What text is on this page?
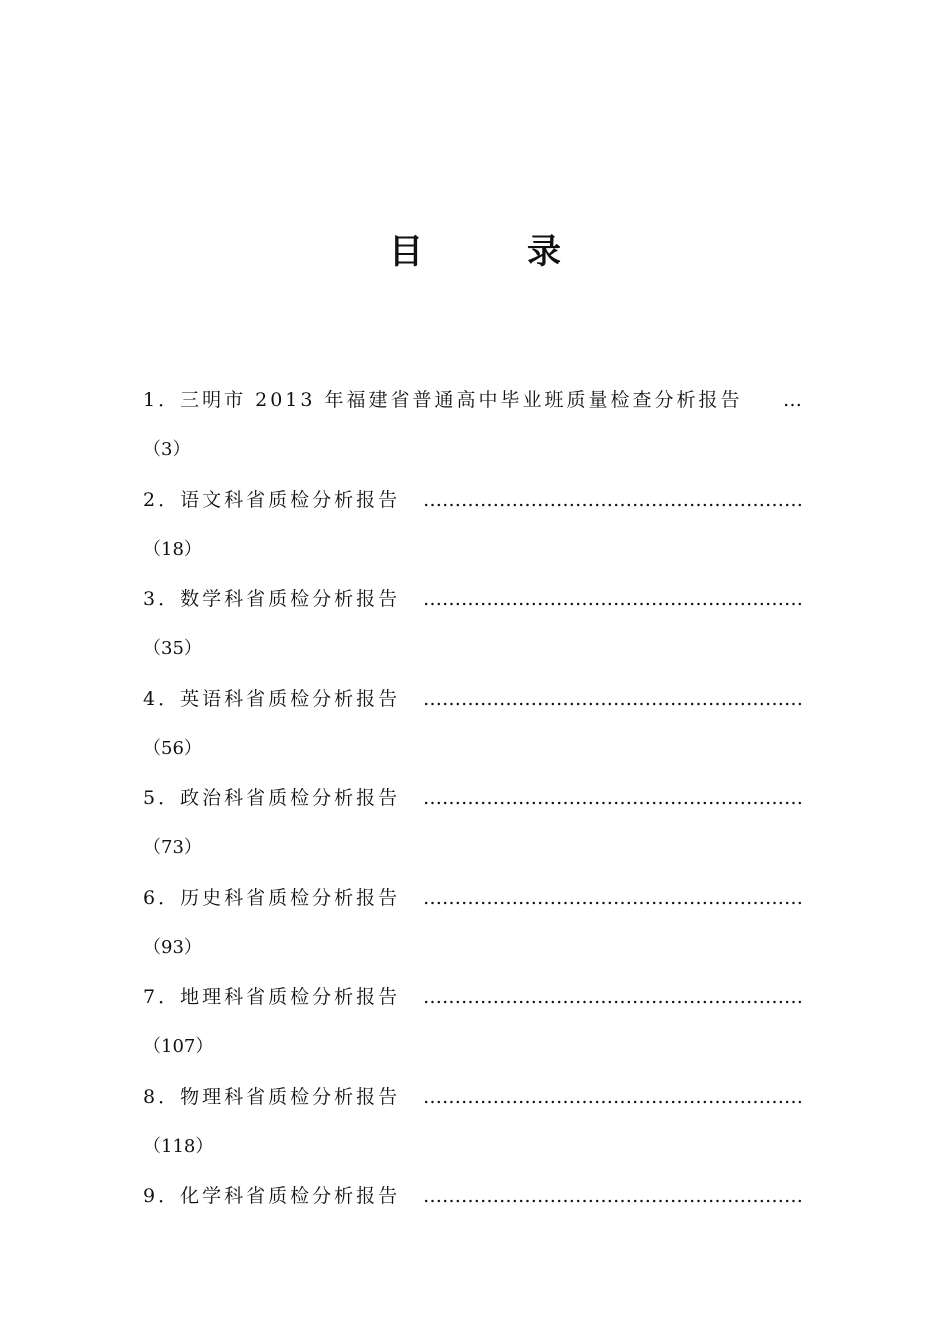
目	录
1．三明市 2013 年福建省普通高中毕业班质量检查分析报告 …
（3）
2．语文科省质检分析报告 ……………………………………………………
（18）
3．数学科省质检分析报告 ……………………………………………………
（35）
4．英语科省质检分析报告 ……………………………………………………
（56）
5．政治科省质检分析报告 ……………………………………………………
（73）
6．历史科省质检分析报告 ……………………………………………………
（93）
7．地理科省质检分析报告 ……………………………………………………
（107）
8．物理科省质检分析报告 ……………………………………………………
（118）
9．化学科省质检分析报告 ……………………………………………………
